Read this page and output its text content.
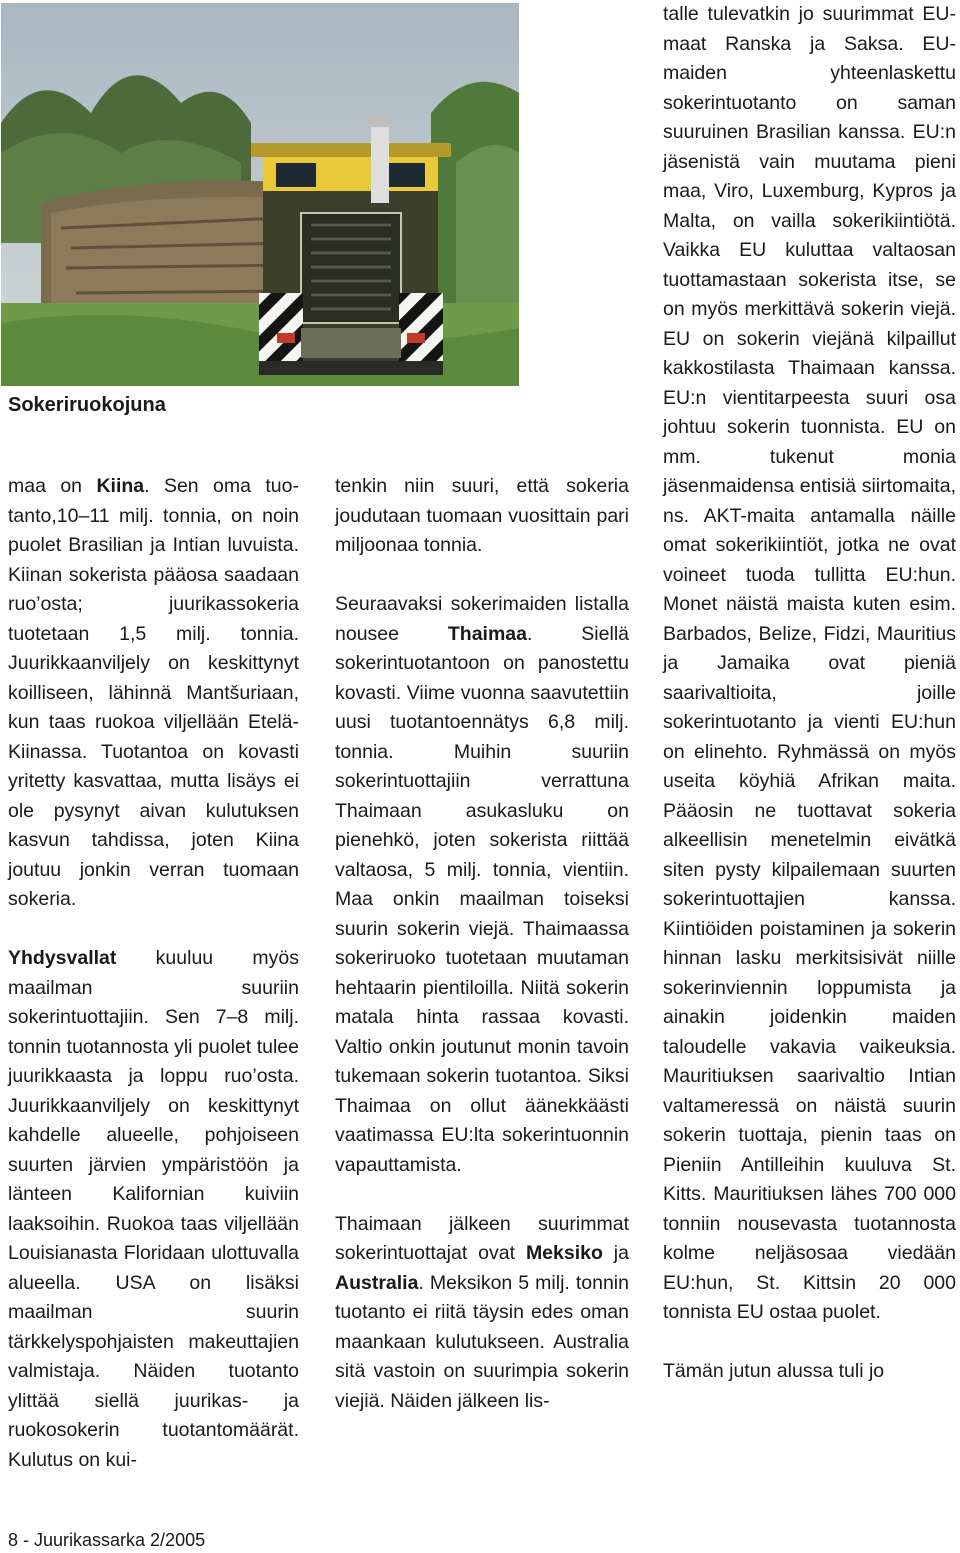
Sokeriruokojuna

maa on Kiina. Sen oma tuo-tanto,10–11 milj. tonnia, on noin puolet Brasilian ja Intian luvuista. Kiinan sokerista pääosa saadaan ruo’osta; juurikassokeria tuotetaan 1,5 milj. tonnia. Juurikkaanviljely on keskittynyt koilliseen, lähinnä Mantšuriaan, kun taas ruokoa viljellään Etelä-Kiinassa. Tuotantoa on kovasti yritetty kasvattaa, mutta lisäys ei ole pysynyt aivan kulutuksen kasvun tahdissa, joten Kiina joutuu jonkin verran tuomaan sokeria.

Yhdysvallat kuuluu myös maailman suuriin sokerintuottajiin. Sen 7–8 milj. tonnin tuotannosta yli puolet tulee juurikkaasta ja loppu ruo’osta. Juurikkaanviljely on keskittynyt kahdelle alueelle, pohjoiseen suurten järvien ympäristöön ja länteen Kalifornian kuiviin laaksoihin. Ruokoa taas viljellään Louisianasta Floridaan ulottuvalla alueella. USA on lisäksi maailman suurin tärkkelyspohjaisten makeuttajien valmistaja. Näiden tuotanto ylittää siellä juurikas- ja ruokosokerin tuotantomäärät. Kulutus on kui-

tenkin niin suuri, että sokeria joudutaan tuomaan vuosittain pari miljoonaa tonnia.

Seuraavaksi sokerimaiden listalla nousee Thaimaa. Siellä sokerintuotantoon on panostettu kovasti. Viime vuonna saavutettiin uusi tuotantoennätys 6,8 milj. tonnia. Muihin suuriin sokerintuottajiin verrattuna Thaimaan asukasluku on pienehkö, joten sokerista riittää valtaosa, 5 milj. tonnia, vientiin. Maa onkin maailman toiseksi suurin sokerin viejä. Thaimaassa sokeriruoko tuotetaan muutaman hehtaarin pientiloilla. Niitä sokerin matala hinta rassaa kovasti. Valtio onkin joutunut monin tavoin tukemaan sokerin tuotantoa. Siksi Thaimaa on ollut äänekkäästi vaatimassa EU:lta sokerintuonnin vapauttamista.

Thaimaan jälkeen suurimmat sokerintuottajat ovat Meksiko ja Australia. Meksikon 5 milj. tonnin tuotanto ei riitä täysin edes oman maankaan kulutukseen. Australia sitä vastoin on suurimpia sokerin viejiä. Näiden jälkeen lis-

talle tulevatkin jo suurimmat EU-maat Ranska ja Saksa. EU- maiden yhteenlaskettu sokerintuotanto on saman suuruinen Brasilian kanssa. EU:n jäsenistä vain muutama pieni maa, Viro, Luxemburg, Kypros ja Malta, on vailla sokerikiintiötä. Vaikka EU kuluttaa valtaosan tuottamastaan sokerista itse, se on myös merkittävä sokerin viejä. EU on sokerin viejänä kilpaillut kakkostilasta Thaimaan kanssa. EU:n vientitarpeesta suuri osa johtuu sokerin tuonnista. EU on mm. tukenut monia jäsenmaidensa entisiä siirtomaita, ns. AKT-maita antamalla näille omat sokerikiintiöt, jotka ne ovat voineet tuoda tullitta EU:hun. Monet näistä maista kuten esim. Barbados, Belize, Fidzi, Mauritius ja Jamaika ovat pieniä saarivaltioita, joille sokerintuotanto ja vienti EU:hun on elinehto. Ryhmässä on myös useita köyhiä Afrikan maita. Pääosin ne tuottavat sokeria alkeellisin menetelmin eivätkä siten pysty kilpailemaan suurten sokerintuottajien kanssa. Kiintiöiden poistaminen ja sokerin hinnan lasku merkitsisivät niille sokerinviennin loppumista ja ainakin joidenkin maiden taloudelle vakavia vaikeuksia. Mauritiuksen saarivaltio Intian valtameressä on näistä suurin sokerin tuottaja, pienin taas on Pieniin Antilleihin kuuluva St. Kitts. Mauritiuksen lähes 700 000 tonniin nousevasta tuotannosta kolme neljäsosaa viedään EU:hun, St. Kittsin 20 000 tonnista EU ostaa puolet.

Tämän jutun alussa tuli jo

8 - Juurikassarka 2/2005
